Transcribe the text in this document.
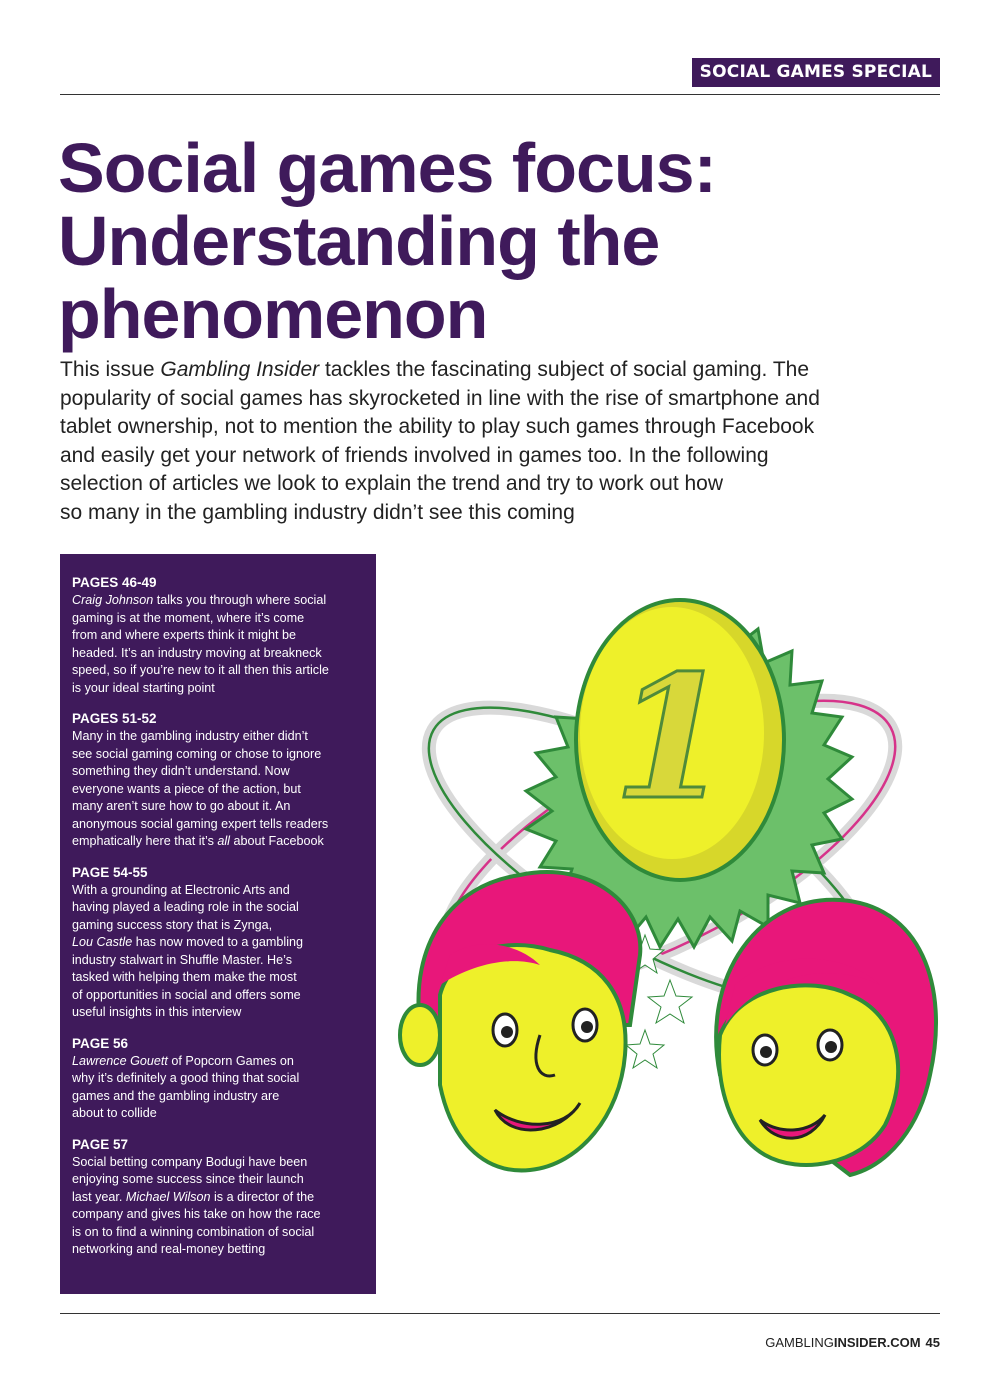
SOCIAL GAMES SPECIAL
Social games focus:
Understanding the
phenomenon
This issue Gambling Insider tackles the fascinating subject of social gaming. The
popularity of social games has skyrocketed in line with the rise of smartphone and
tablet ownership, not to mention the ability to play such games through Facebook
and easily get your network of friends involved in games too. In the following
selection of articles we look to explain the trend and try to work out how
so many in the gambling industry didn’t see this coming
PAGES 46-49

Craig Johnson talks you through where social
gaming is at the moment, where it’s come
from and where experts think it might be
headed. It’s an industry moving at breakneck
speed, so if you’re new to it all then this article
is your ideal starting point

PAGES 51-52

Many in the gambling industry either didn’t
see social gaming coming or chose to ignore
something they didn’t understand. Now
everyone wants a piece of the action, but
many aren’t sure how to go about it. An
anonymous social gaming expert tells readers
emphatically here that it’s all about Facebook

PAGE 54-55

With a grounding at Electronic Arts and
having played a leading role in the social
gaming success story that is Zynga,
Lou Castle has now moved to a gambling
industry stalwart in Shuffle Master. He’s
tasked with helping them make the most
of opportunities in social and offers some
useful insights in this interview

PAGE 56

Lawrence Gouett of Popcorn Games on
why it’s definitely a good thing that social
games and the gambling industry are
about to collide

PAGE 57

Social betting company Bodugi have been
enjoying some success since their launch
last year. Michael Wilson is a director of the
company and gives his take on how the race
is on to find a winning combination of social
networking and real-money betting

1
GAMBLINGINSIDER.COM 45
